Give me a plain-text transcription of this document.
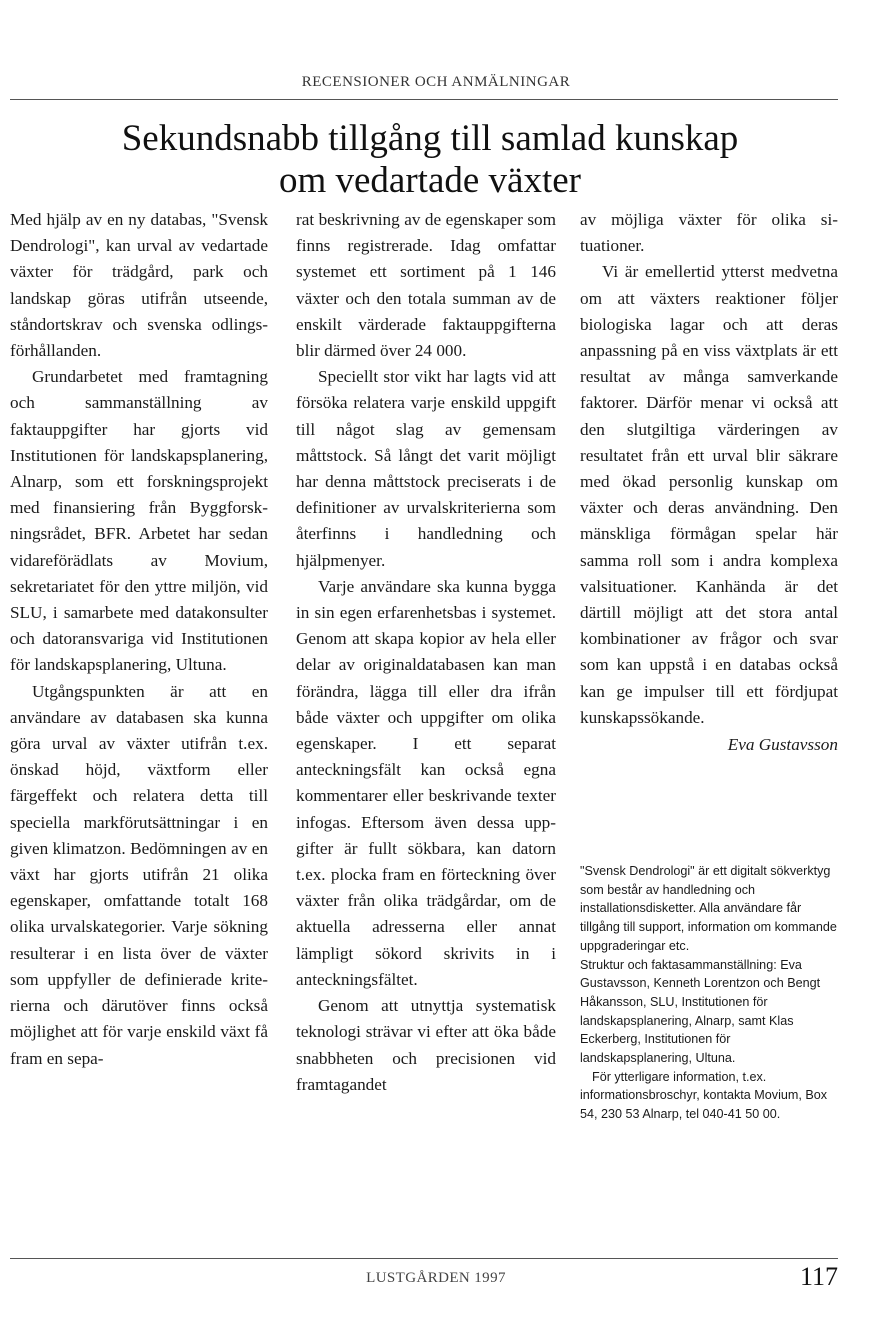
RECENSIONER OCH ANMÄLNINGAR
Sekundsnabb tillgång till samlad kunskap
om vedartade växter

Med hjälp av en ny databas, "Svensk Dendrologi", kan urval av vedartade växter för trädgård, park och landskap göras utifrån utseende, ståndortskrav och svenska odlingsförhållanden.

Grundarbetet med framtagning och sammanställning av faktauppgifter har gjorts vid Institutionen för landskapsplanering, Alnarp, som ett forskningsprojekt med finansiering från Byggforskningsrådet, BFR. Arbetet har sedan vidareförädlats av Movium, sekretariatet för den yttre miljön, vid SLU, i samarbete med datakonsulter och datoransvariga vid Institutionen för landskapsplanering, Ultuna.

Utgångspunkten är att en användare av databasen ska kunna göra urval av växter utifrån t.ex. önskad höjd, växtform eller färgeffekt och relatera detta till speciella markförutsättningar i en given klimatzon. Bedömningen av en växt har gjorts utifrån 21 olika egenskaper, omfattande totalt 168 olika urvalskategorier. Varje sökning resulterar i en lista över de växter som uppfyller de definierade kriterierna och därutöver finns också möjlighet att för varje enskild växt få fram en sepa-

rat beskrivning av de egenskaper som finns registrerade. Idag omfattar systemet ett sortiment på 1 146 växter och den totala summan av de enskilt värderade faktauppgifterna blir därmed över 24 000.

Speciellt stor vikt har lagts vid att försöka relatera varje enskild uppgift till något slag av gemensam måttstock. Så långt det varit möjligt har denna måttstock preciserats i de definitioner av urvalskriterierna som återfinns i handledning och hjälpmenyer.

Varje användare ska kunna bygga in sin egen erfarenhetsbas i systemet. Genom att skapa kopior av hela eller delar av originaldatabasen kan man förändra, lägga till eller dra ifrån både växter och uppgifter om olika egenskaper. I ett separat anteckningsfält kan också egna kommentarer eller beskrivande texter infogas. Eftersom även dessa uppgifter är fullt sökbara, kan datorn t.ex. plocka fram en förteckning över växter från olika trädgårdar, om de aktuella adresserna eller annat lämpligt sökord skrivits in i anteckningsfältet.

Genom att utnyttja systematisk teknologi strävar vi efter att öka både snabbheten och precisionen vid framtagandet

av möjliga växter för olika situationer.

Vi är emellertid ytterst medvetna om att växters reaktioner följer biologiska lagar och att deras anpassning på en viss växtplats är ett resultat av många samverkande faktorer. Därför menar vi också att den slutgiltiga värderingen av resultatet från ett urval blir säkrare med ökad personlig kunskap om växter och deras användning. Den mänskliga förmågan spelar här samma roll som i andra komplexa valsituationer. Kanhända är det därtill möjligt att det stora antal kombinationer av frågor och svar som kan uppstå i en databas också kan ge impulser till ett fördjupat kunskapssökande.

Eva Gustavsson

"Svensk Dendrologi" är ett digitalt sökverktyg som består av handledning och installationsdisketter. Alla användare får tillgång till support, information om kommande uppgraderingar etc.

Struktur och faktasammanställning: Eva Gustavsson, Kenneth Lorentzon och Bengt Håkansson, SLU, Institutionen för landskapsplanering, Alnarp, samt Klas Eckerberg, Institutionen för landskapsplanering, Ultuna.

För ytterligare information, t.ex. informationsbroschyr, kontakta Movium, Box 54, 230 53 Alnarp, tel 040-41 50 00.

LUSTGÅRDEN 1997	117
